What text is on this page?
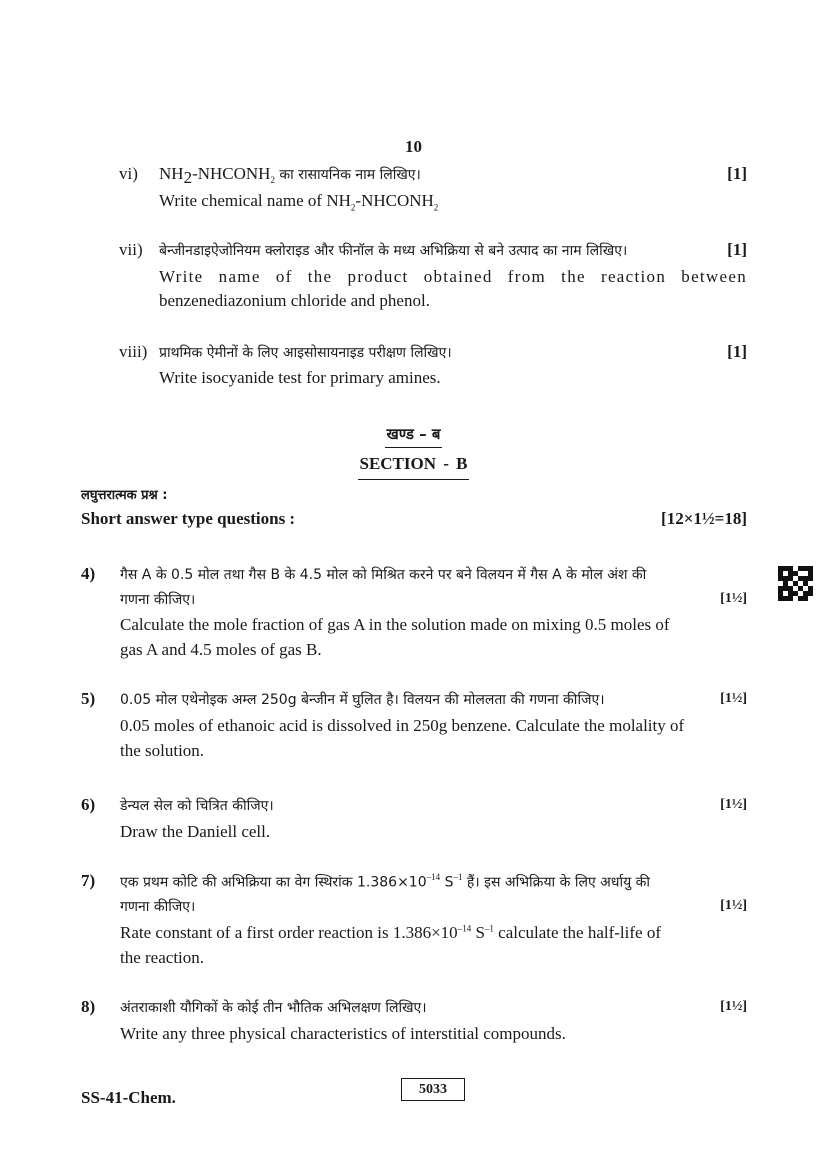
10
vi) $NH_2-NHCONH_2$ का रासायनिक नाम लिखिए।	[1]
Write chemical name of $NH_2-NHCONH_2$
vii) बेन्जीनडाइऐजोनियम क्लोराइड और फीनॉल के मध्य अभिक्रिया से बने उत्पाद का नाम लिखिए।	[1]
Write name of the product obtained from the reaction between
benzenediazonium chloride and phenol.
viii) प्राथमिक ऐमीनों के लिए आइसोसायनाइड परीक्षण लिखिए।	[1]
Write isocyanide test for primary amines.
खण्ड – ब
SECTION - B
लघुत्तरात्मक प्रश्न :
Short answer type questions :	[12×1½=18]
4) गैस A के 0.5 मोल तथा गैस B के 4.5 मोल को मिश्रित करने पर बने विलयन में गैस A के मोल अंश की
गणना कीजिए।	[1½]
Calculate the mole fraction of gas A in the solution made on mixing 0.5 moles of
gas A and 4.5 moles of gas B.
5) 0.05 मोल एथेनोइक अम्ल 250g बेन्जीन में घुलित है। विलयन की मोललता की गणना कीजिए।	[1½]
0.05 moles of ethanoic acid is dissolved in 250g benzene. Calculate the molality of
the solution.
6) डेन्यल सेल को चित्रित कीजिए।	[1½]
Draw the Daniell cell.
7) एक प्रथम कोटि की अभिक्रिया का वेग स्थिरांक $1.386\times 10^{-14}$ $S^{-1}$ हैं। इस अभिक्रिया के लिए अर्धायु की
गणना कीजिए।	[1½]
Rate constant of a first order reaction is $1.386\times 10^{-14}$ $S^{-1}$ calculate the half-life of
the reaction.
8) अंतराकाशी यौगिकों के कोई तीन भौतिक अभिलक्षण लिखिए।	[1½]
Write any three physical characteristics of interstitial compounds.
SS-41-Chem.	5033
